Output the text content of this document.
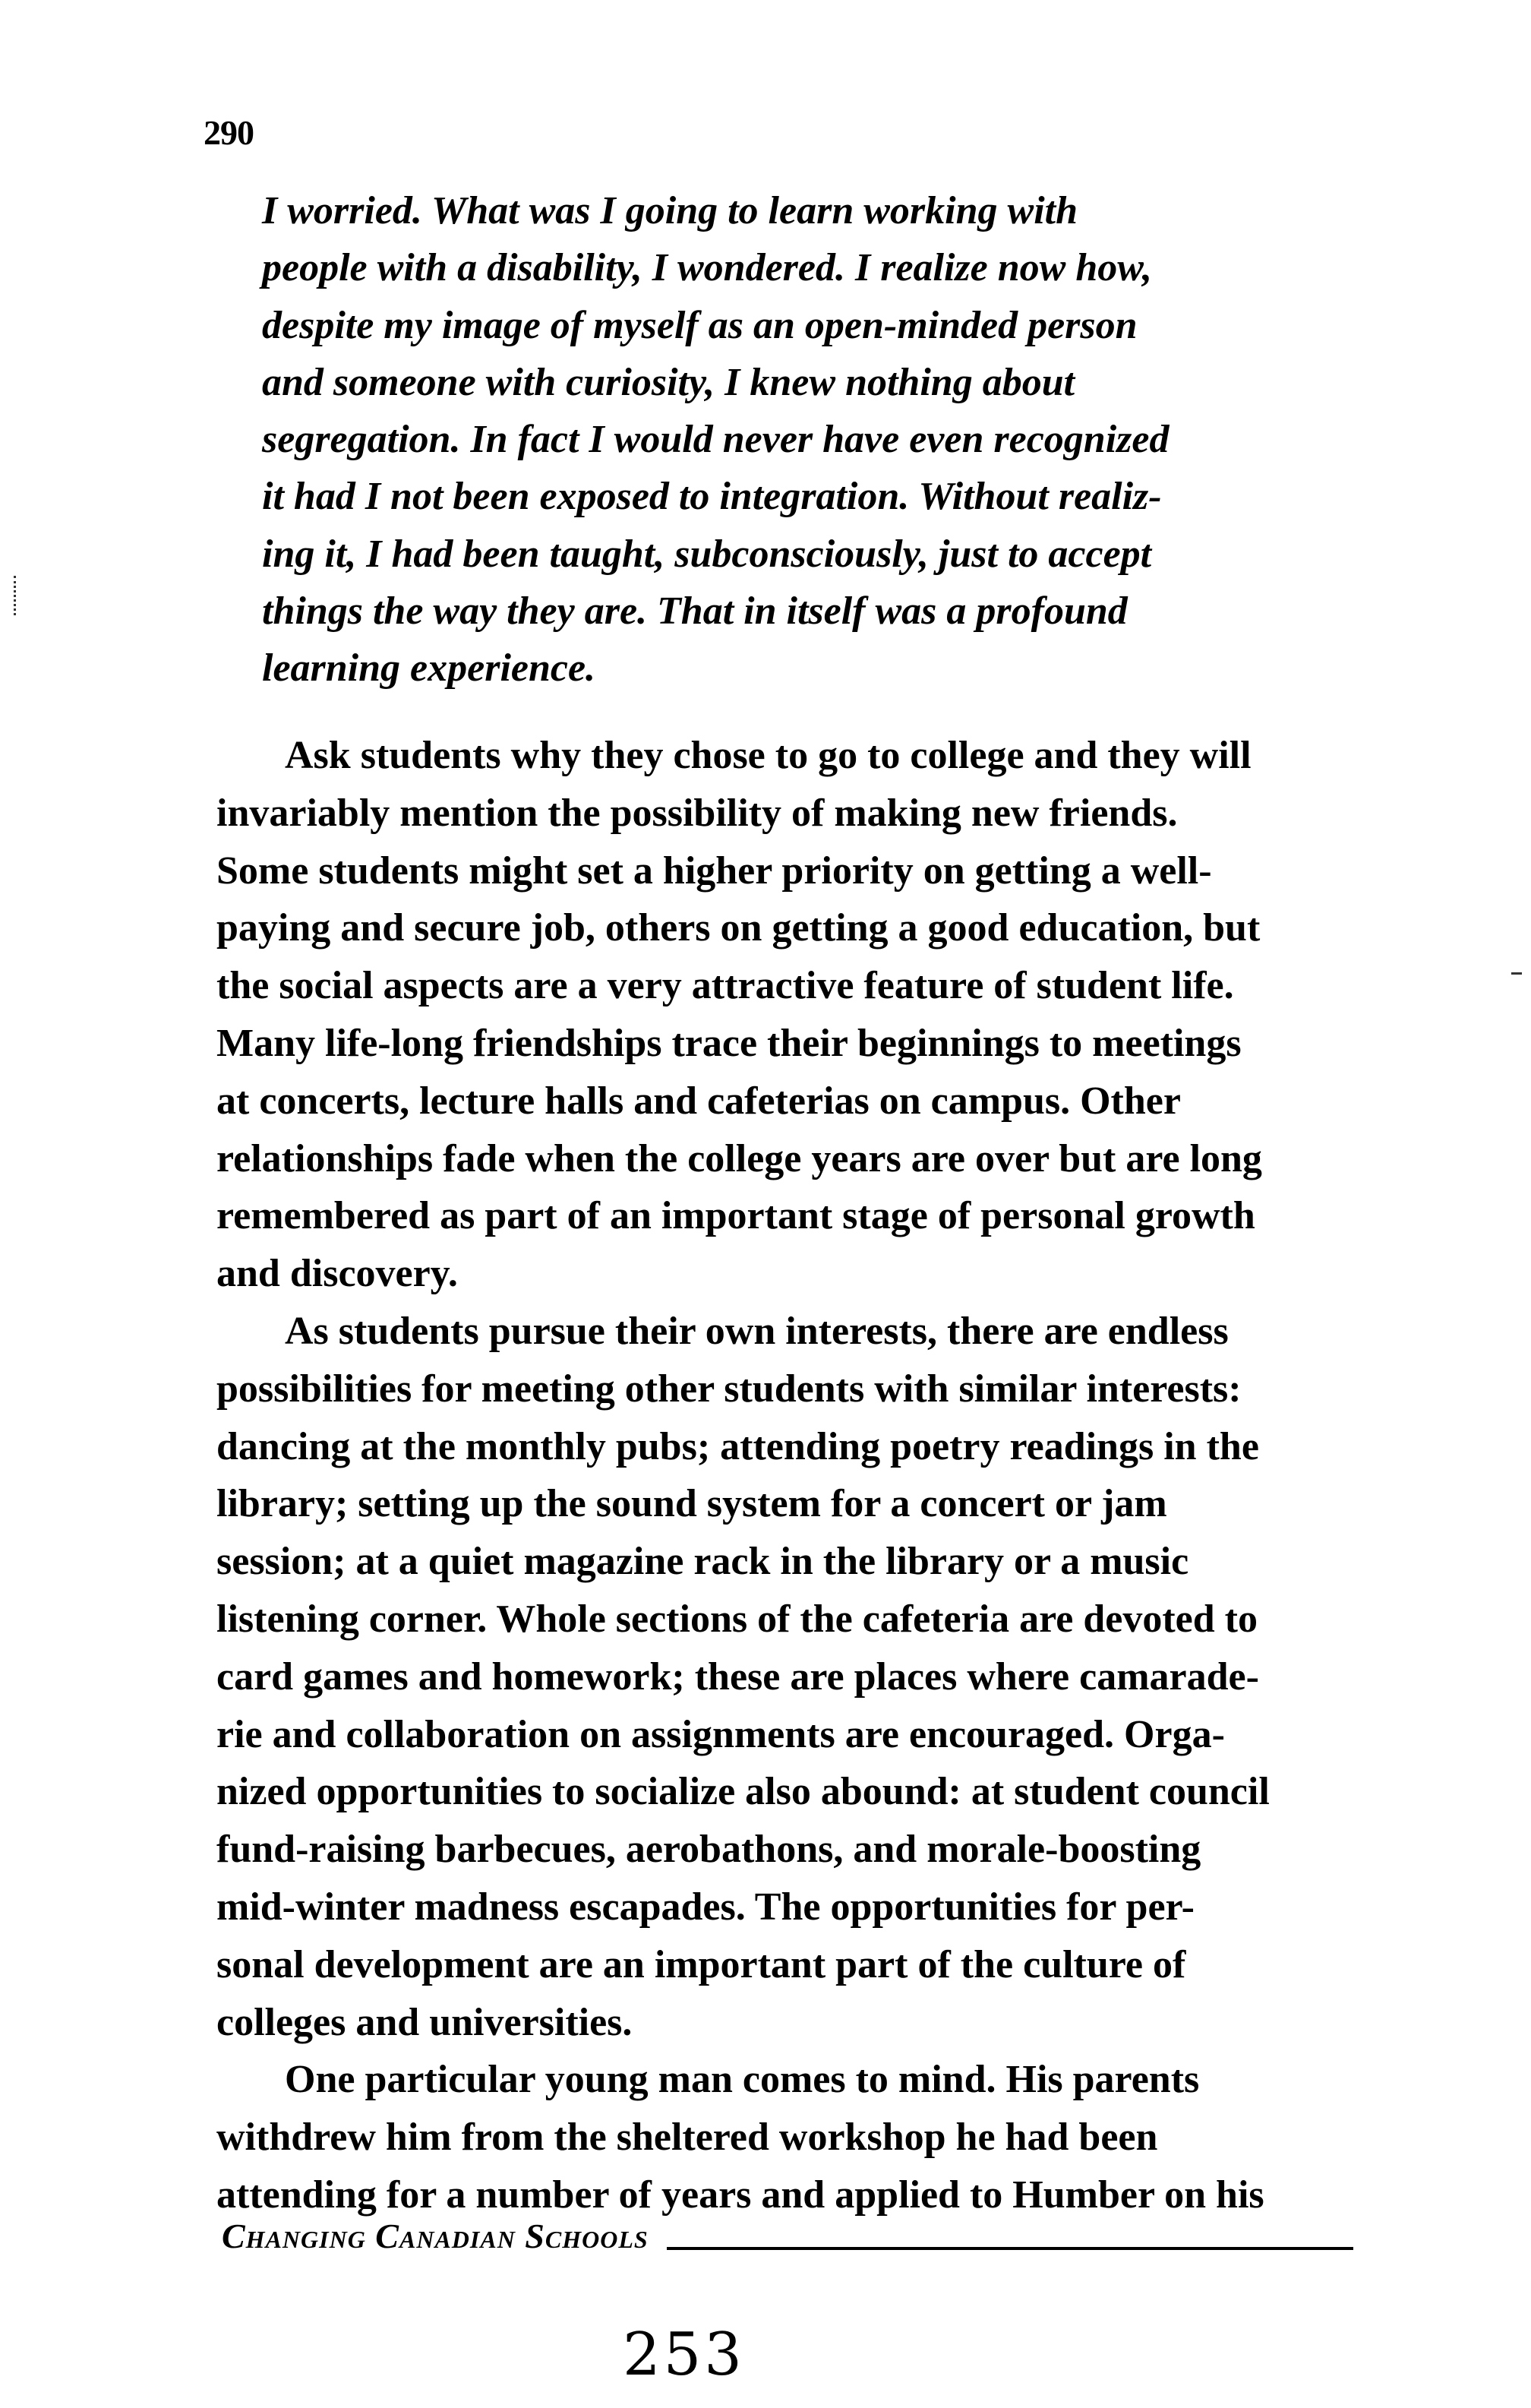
290
I worried. What was I going to learn working with
people with a disability, I wondered. I realize now how,
despite my image of myself as an open-minded person
and someone with curiosity, I knew nothing about
segregation. In fact I would never have even recognized
it had I not been exposed to integration. Without realiz-
ing it, I had been taught, subconsciously, just to accept
things the way they are. That in itself was a profound
learning experience.

Ask students why they chose to go to college and they will
invariably mention the possibility of making new friends.
Some students might set a higher priority on getting a well-
paying and secure job, others on getting a good education, but
the social aspects are a very attractive feature of student life.
Many life-long friendships trace their beginnings to meetings
at concerts, lecture halls and cafeterias on campus. Other
relationships fade when the college years are over but are long
remembered as part of an important stage of personal growth
and discovery.

As students pursue their own interests, there are endless
possibilities for meeting other students with similar interests:
dancing at the monthly pubs; attending poetry readings in the
library; setting up the sound system for a concert or jam
session; at a quiet magazine rack in the library or a music
listening corner. Whole sections of the cafeteria are devoted to
card games and homework; these are places where camarade-
rie and collaboration on assignments are encouraged. Orga-
nized opportunities to socialize also abound: at student council
fund-raising barbecues, aerobathons, and morale-boosting
mid-winter madness escapades. The opportunities for per-
sonal development are an important part of the culture of
colleges and universities.

One particular young man comes to mind. His parents
withdrew him from the sheltered workshop he had been
attending for a number of years and applied to Humber on his

Changing Canadian Schools
253
